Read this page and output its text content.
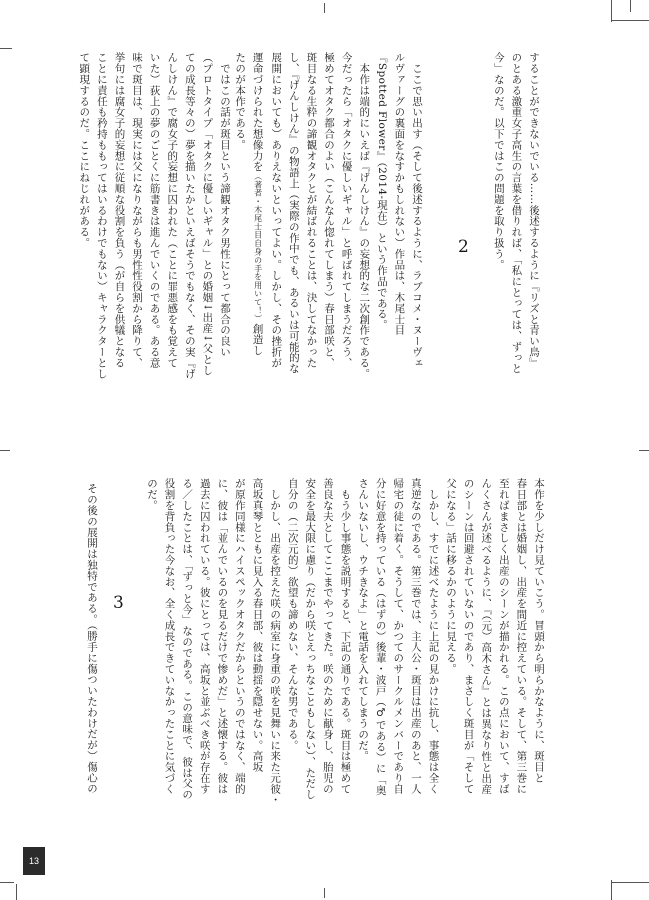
本作を少しだけ見ていこう。冒頭から明らかなように、斑目と
春日部とは婚姻し、出産を間近に控えている。そして、第三巻に
至ればまさしく出産のシーンが描かれる。この点において、すば
んくさんが述べるように、『（元）高木さん』とは異なり性と出産
のシーンは回避されていないのであり、まさしく斑目が「そして
父になる」話に移るかのように見える。
　しかし、すでに述べたように上記の見かけに抗し、事態は全く
真逆なのである。第三巻では、主人公・斑目は出産のあと、一人
帰宅の徒に着く。そうして、かつてのサークルメンバーであり自
分に好意を持っている（はずの）後輩・波戸（♂である）に「奥
さんいないし、ウチきなよ」と電話を入れてしまうのだ。
　もう少し事態を説明すると、下記の通りである。斑目は極めて
善良な夫としてここまでやってきた。咲のために献身し、胎児の
安全を最大限に慮り（だから咲とえっちなこともしない）、ただし
自分の（二次元的）欲望も諦めない、そんな男である。
　しかし、出産を控えた咲の病室に身重の咲を見舞いに来た元彼・
高坂真琴とともに見入る春日部、彼は動揺を隠せない。高坂
が原作同様にハイスペックオタクだからというのではなく、端的
に、彼は「並んでいるのを見るだけで惨めだ」と述懐する。彼は
過去に囚われている。彼にとっては、高坂と並ぶべき咲が存在す
る／したことは、「ずっと今」なのである。この意味で、彼は父の
役割を背負った今なお、全く成長できていなかったことに気づく
のだ。
することができないでいる……後述するように『リズと青い鳥』
のとある激重女子高生の言葉を借りれば、「私にとっては、ずっと
今」なのだ。以下ではこの問題を取り扱う。
2
　ここで思い出す（そして後述するように、ラブコメ・ヌーヴェ
ルヴァーグの裏面をなすかもしれない）作品は、木尾士目
『Spotted Flower』（2014-現在）という作品である。
　本作は端的にいえば『げんしけん』の妄想的な二次創作である。
今だったら「オタクに優しいギャル」と呼ばれてしまうだろう、
極めてオタク都合のよい（こんなん惚れてしまう）春日部咲と、
斑目なる生粋の諦観オタクとが結ばれることは、決してなかった
し、『げんしけん』の物語上（実際の作中でも、あるいは可能的な
展開においても）ありえないといってよい。しかし、その挫折が
運命づけられた想像力を（著者・木尾士目自身の手を用いて！）創造し
たのが本作である。
　ではこの話が斑目という諦観オタク男性にとって都合の良い
（プロトタイプ「オタクに優しいギャル」との婚姻↓出産↓父とし
ての成長等々の）夢を描いたかといえばそうでもなく、その実『げ
んしけん』で腐女子的妄想に囚われた（ことに罪悪感をも覚えて
いた）荻上の夢のごとくに筋書きは進んでいくのである。ある意
味で斑目は、現実には父になりながらも男性性役割から降りて、
挙句には腐女子的妄想に従順な役割を負う（が自らを供犠となる
ことに責任も矜持ももってはいるわけでもない）キャラクターとし
て顕現するのだ。ここにねじれがある。
3
その後の展開は独特である。（勝手に傷ついたわけだが）傷心の
13
